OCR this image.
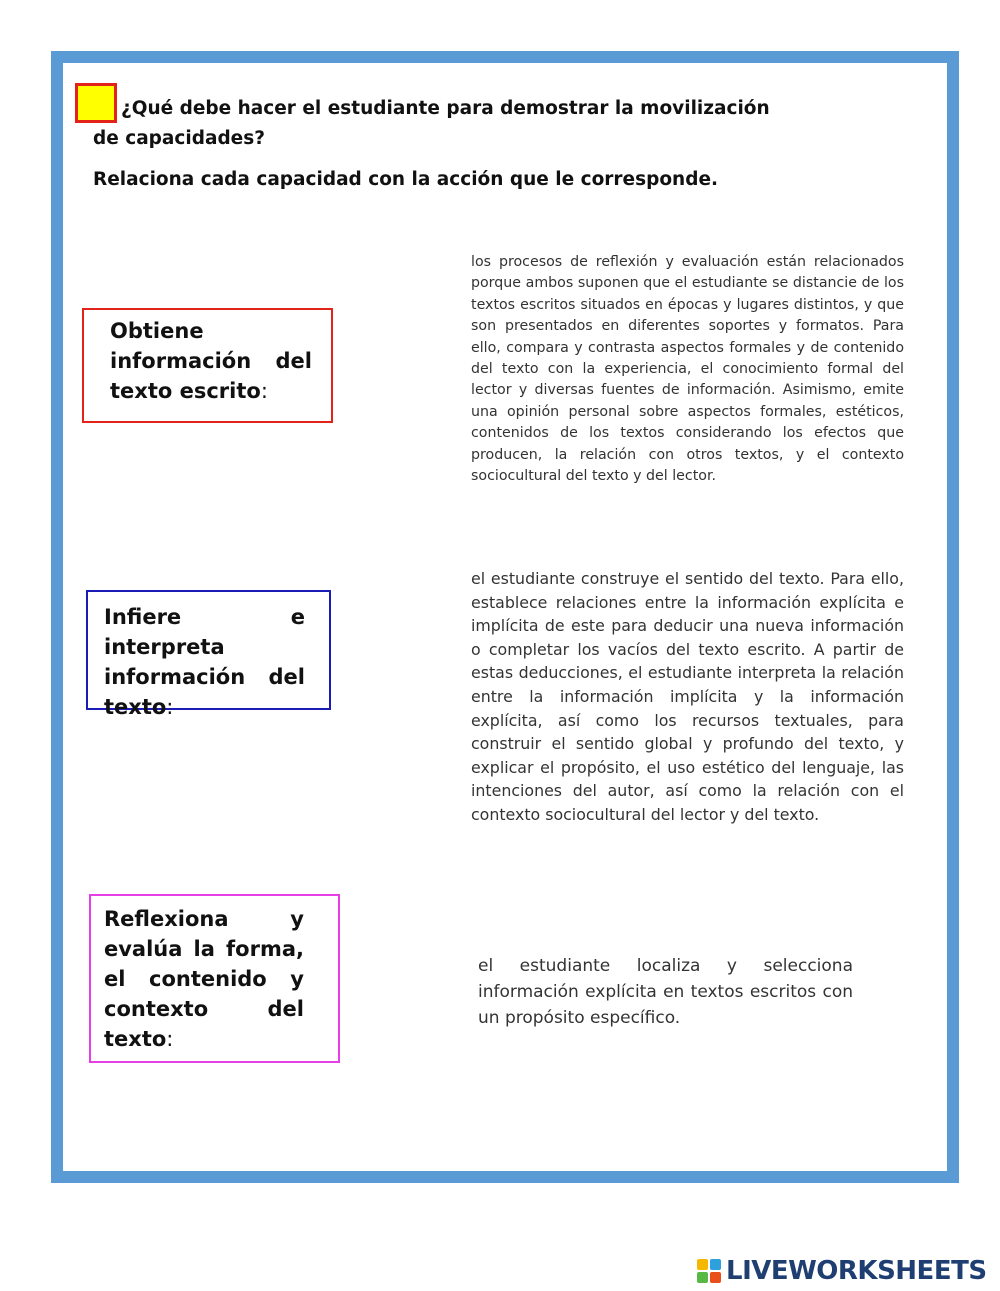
¿Qué debe hacer el estudiante para demostrar la movilización de capacidades?
Relaciona cada capacidad con la acción que le corresponde.
Obtiene información del texto escrito:
Infiere e interpreta información del texto:
Reflexiona y evalúa la forma, el contenido y contexto del texto:
los procesos de reflexión y evaluación están relacionados porque ambos suponen que el estudiante se distancie de los textos escritos situados en épocas y lugares distintos, y que son presentados en diferentes soportes y formatos. Para ello, compara y contrasta aspectos formales y de contenido del texto con la experiencia, el conocimiento formal del lector y diversas fuentes de información. Asimismo, emite una opinión personal sobre aspectos formales, estéticos, contenidos de los textos considerando los efectos que producen, la relación con otros textos, y el contexto sociocultural del texto y del lector.
el estudiante construye el sentido del texto. Para ello, establece relaciones entre la información explícita e implícita de este para deducir una nueva información o completar los vacíos del texto escrito. A partir de estas deducciones, el estudiante interpreta la relación entre la información implícita y la información explícita, así como los recursos textuales, para construir el sentido global y profundo del texto, y explicar el propósito, el uso estético del lenguaje, las intenciones del autor, así como la relación con el contexto sociocultural del lector y del texto.
el estudiante localiza y selecciona información explícita en textos escritos con un propósito específico.
LIVEWORKSHEETS
